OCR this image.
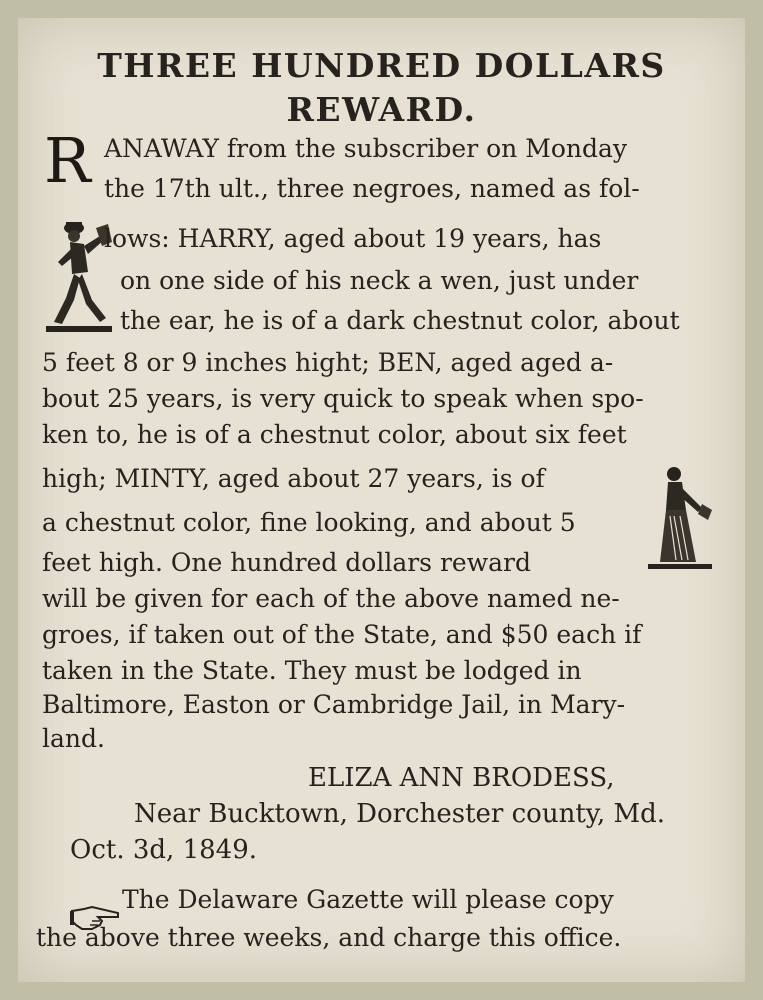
THREE HUNDRED DOLLARS
REWARD.
R ANAWAY from the subscriber on Monday

the 17th ult., three negroes, named as fol-

lows: HARRY, aged about 19 years, has

on one side of his neck a wen, just under

the ear, he is of a dark chestnut color, about

5 feet 8 or 9 inches hight; BEN, aged aged a-

bout 25 years, is very quick to speak when spo-

ken to, he is of a chestnut color, about six feet

high; MINTY, aged about 27 years, is of

a chestnut color, fine looking, and about 5

feet high. One hundred dollars reward

will be given for each of the above named ne-

groes, if taken out of the State, and $50 each if

taken in the State. They must be lodged in

Baltimore, Easton or Cambridge Jail, in Mary-

land.

ELIZA ANN BRODESS,

Near Bucktown, Dorchester county, Md.

Oct. 3d, 1849.

The Delaware Gazette will please copy

the above three weeks, and charge this office.
